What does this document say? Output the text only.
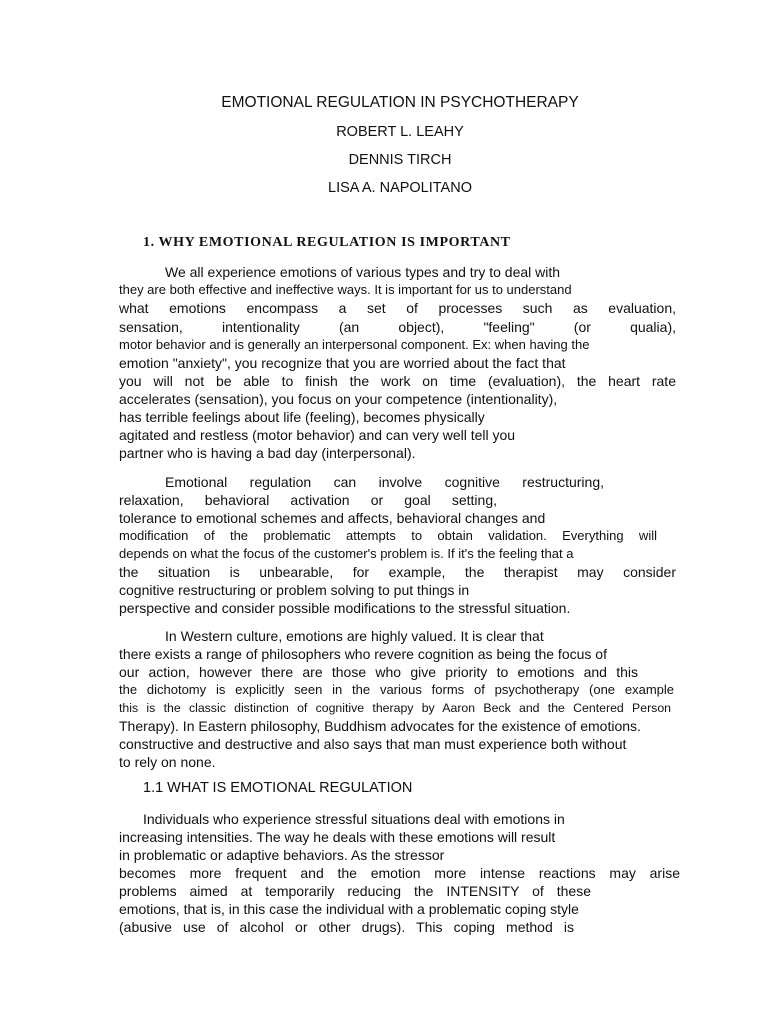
EMOTIONAL REGULATION IN PSYCHOTHERAPY
ROBERT L. LEAHY
DENNIS TIRCH
LISA A. NAPOLITANO
1. WHY EMOTIONAL REGULATION IS IMPORTANT
We all experience emotions of various types and try to deal with
they are both effective and ineffective ways. It is important for us to understand
what emotions encompass a set of processes such as evaluation,
sensation, intentionality (an object), "feeling" (or qualia),
motor behavior and is generally an interpersonal component. Ex: when having the
emotion "anxiety", you recognize that you are worried about the fact that
you will not be able to finish the work on time (evaluation), the heart rate
accelerates (sensation), you focus on your competence (intentionality),
has terrible feelings about life (feeling), becomes physically
agitated and restless (motor behavior) and can very well tell you
partner who is having a bad day (interpersonal).
Emotional regulation can involve cognitive restructuring,
relaxation, behavioral activation or goal setting,
tolerance to emotional schemes and affects, behavioral changes and
modification of the problematic attempts to obtain validation. Everything will
depends on what the focus of the customer's problem is. If it's the feeling that a
the situation is unbearable, for example, the therapist may consider
cognitive restructuring or problem solving to put things in
perspective and consider possible modifications to the stressful situation.
In Western culture, emotions are highly valued. It is clear that
there exists a range of philosophers who revere cognition as being the focus of
our action, however there are those who give priority to emotions and this
the dichotomy is explicitly seen in the various forms of psychotherapy (one example
this is the classic distinction of cognitive therapy by Aaron Beck and the Centered Person
Therapy). In Eastern philosophy, Buddhism advocates for the existence of emotions.
constructive and destructive and also says that man must experience both without
to rely on none.
1.1 WHAT IS EMOTIONAL REGULATION
Individuals who experience stressful situations deal with emotions in
increasing intensities. The way he deals with these emotions will result
in problematic or adaptive behaviors. As the stressor
becomes more frequent and the emotion more intense reactions may arise
problems aimed at temporarily reducing the INTENSITY of these
emotions, that is, in this case the individual with a problematic coping style
(abusive use of alcohol or other drugs). This coping method is
